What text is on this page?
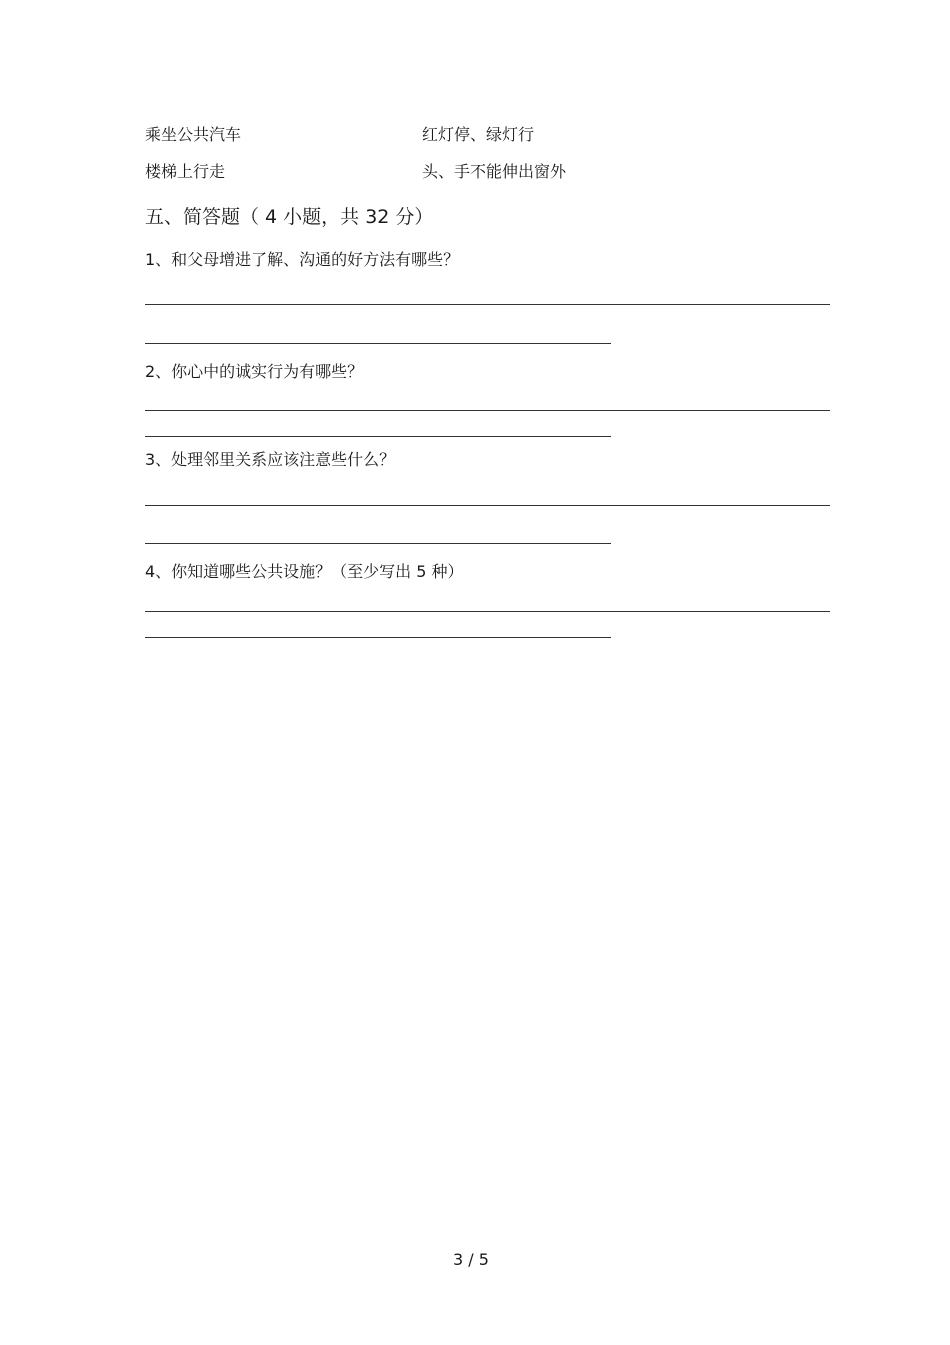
乘坐公共汽车	红灯停、绿灯行
楼梯上行走	头、手不能伸出窗外
五、简答题（ 4 小题，共 32 分）
1、和父母增进了解、沟通的好方法有哪些？
2、你心中的诚实行为有哪些？
3、处理邻里关系应该注意些什么？
4、你知道哪些公共设施？（至少写出 5 种）
3 / 5
